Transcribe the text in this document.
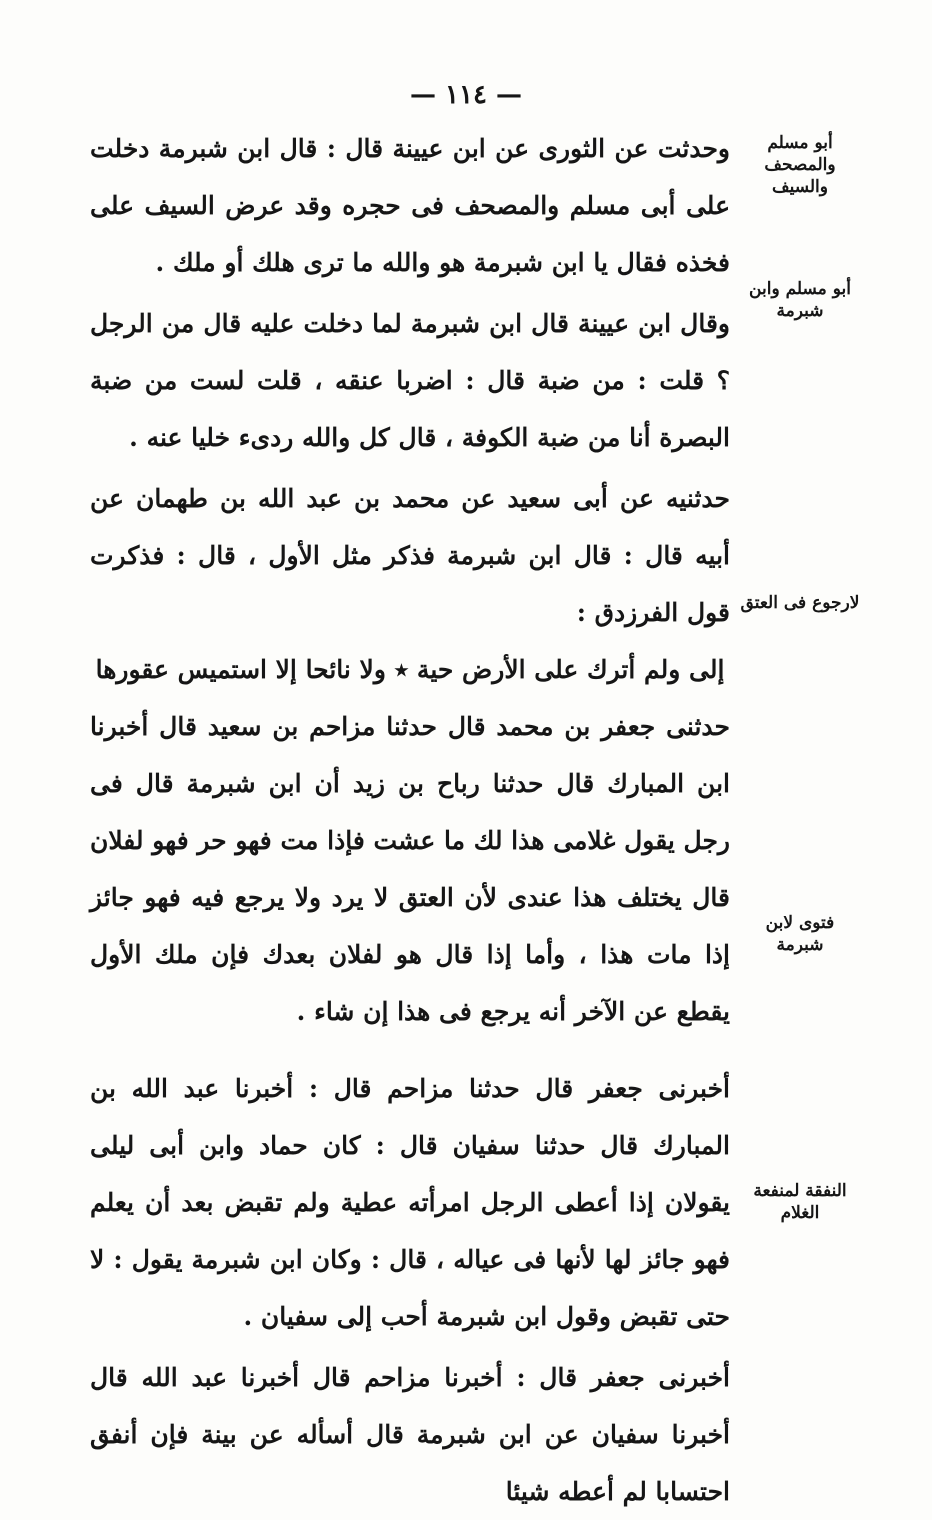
— ١١٤ —
أبو مسلم والمصحف والسيف
أبو مسلم وابن شبرمة
لارجوع فى العتق
فتوى لابن شبرمة
النفقة لمنفعة الغلام

وحدثت عن الثورى عن ابن عيينة قال : قال ابن شبرمة دخلت على أبى مسلم والمصحف فى حجره وقد عرض السيف على فخذه فقال يا ابن شبرمة هو والله ما ترى هلك أو ملك .

وقال ابن عيينة قال ابن شبرمة لما دخلت عليه قال من الرجل ؟ قلت : من ضبة قال : اضربا عنقه ، قلت لست من ضبة البصرة أنا من ضبة الكوفة ، قال كل والله ردىء خليا عنه .

حدثنيه عن أبى سعيد عن محمد بن عبد الله بن طهمان عن أبيه قال : قال ابن شبرمة فذكر مثل الأول ، قال : فذكرت قول الفرزدق :

إلى ولم أترك على الأرض حية ٭ ولا نائحا إلا استميس عقورها

حدثنى جعفر بن محمد قال حدثنا مزاحم بن سعيد قال أخبرنا ابن المبارك قال حدثنا رباح بن زيد أن ابن شبرمة قال فى رجل يقول غلامى هذا لك ما عشت فإذا مت فهو حر فهو لفلان قال يختلف هذا عندى لأن العتق لا يرد ولا يرجع فيه فهو جائز إذا مات هذا ، وأما إذا قال هو لفلان بعدك فإن ملك الأول يقطع عن الآخر أنه يرجع فى هذا إن شاء .

أخبرنى جعفر قال حدثنا مزاحم قال : أخبرنا عبد الله بن المبارك قال حدثنا سفيان قال : كان حماد وابن أبى ليلى يقولان إذا أعطى الرجل امرأته عطية ولم تقبض بعد أن يعلم فهو جائز لها لأنها فى عياله ، قال : وكان ابن شبرمة يقول : لا حتى تقبض وقول ابن شبرمة أحب إلى سفيان .

أخبرنى جعفر قال : أخبرنا مزاحم قال أخبرنا عبد الله قال أخبرنا سفيان عن ابن شبرمة قال أسأله عن بينة فإن أنفق احتسابا لم أعطه شيئا
